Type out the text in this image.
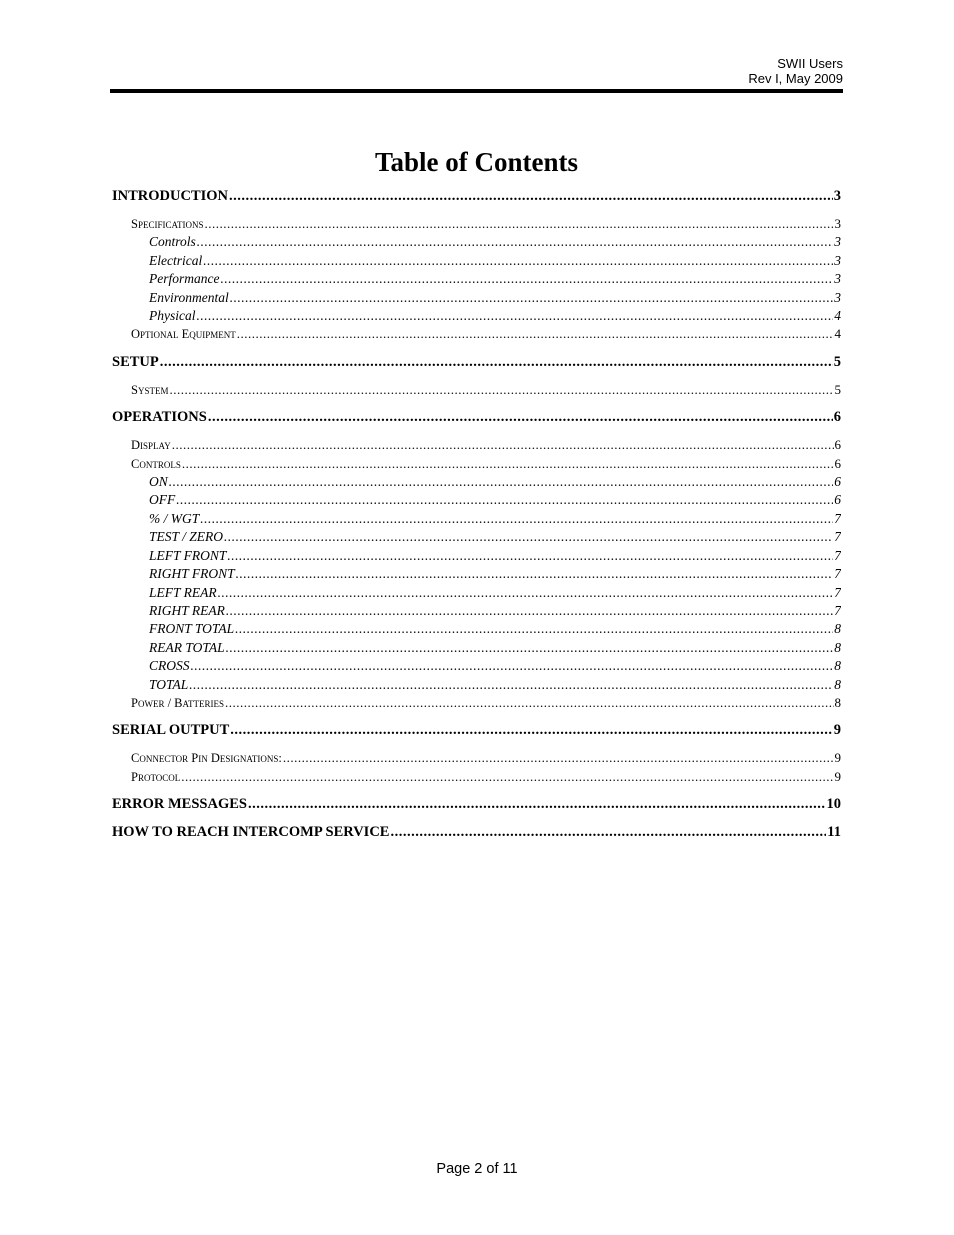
SWII Users
Rev I, May 2009
Table of Contents
INTRODUCTION .....	3
Specifications .....	3
Controls .....	3
Electrical .....	3
Performance .....	3
Environmental .....	3
Physical .....	4
Optional Equipment .....	4
SETUP .....	5
System .....	5
OPERATIONS .....	6
Display .....	6
Controls .....	6
ON .....	6
OFF .....	6
% / WGT .....	7
TEST / ZERO .....	7
LEFT FRONT .....	7
RIGHT FRONT .....	7
LEFT REAR .....	7
RIGHT REAR .....	7
FRONT TOTAL .....	8
REAR TOTAL .....	8
CROSS .....	8
TOTAL .....	8
Power / Batteries .....	8
SERIAL OUTPUT .....	9
Connector Pin Designations: .....	9
Protocol .....	9
ERROR MESSAGES .....	10
HOW TO REACH INTERCOMP SERVICE .....	11
Page 2 of 11
